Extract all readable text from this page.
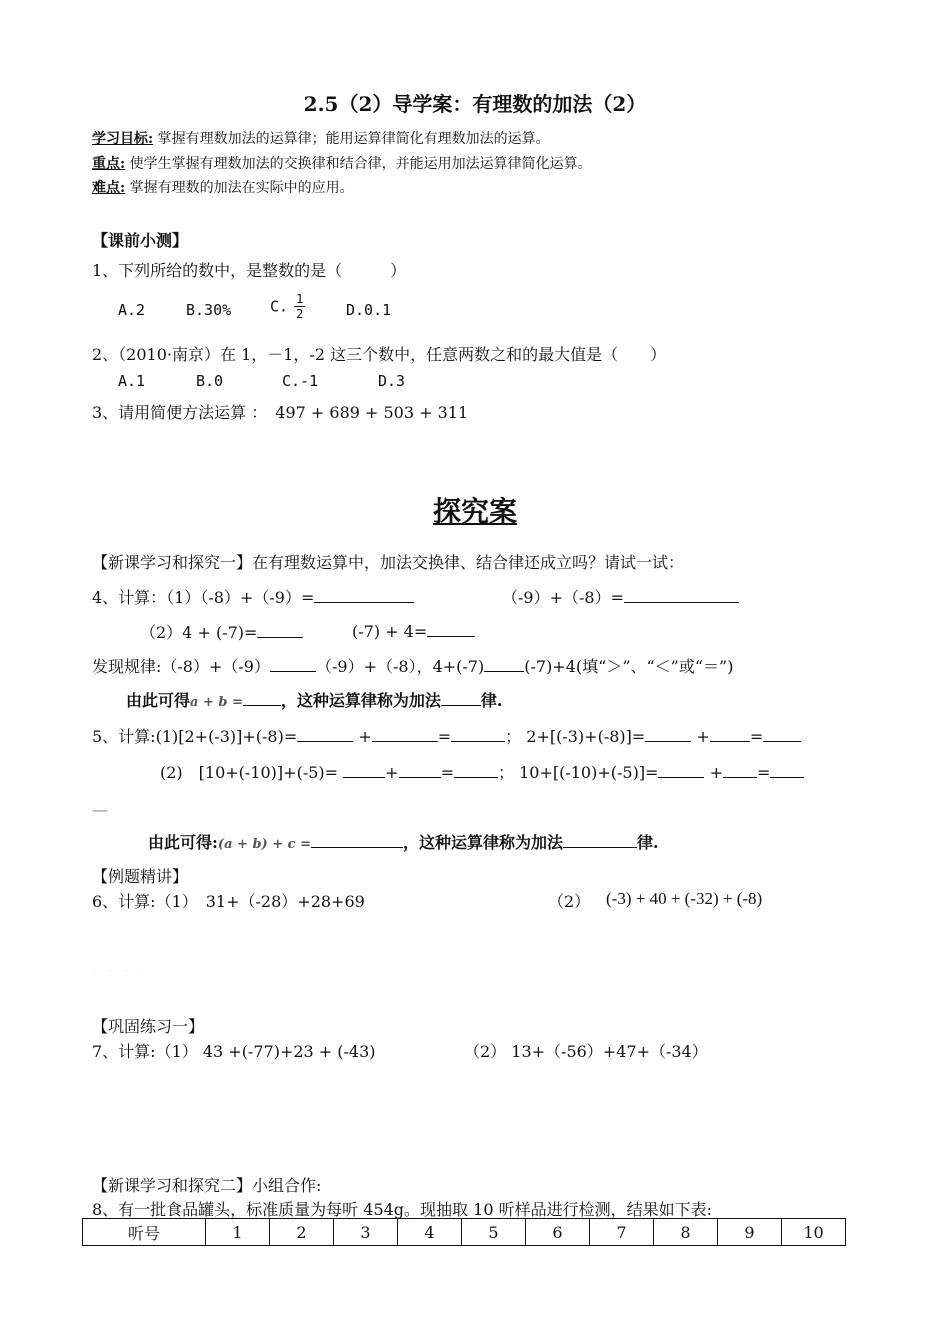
2.5（2）导学案：有理数的加法（2）
学习目标: 掌握有理数加法的运算律；能用运算律简化有理数加法的运算。
重点: 使学生掌握有理数加法的交换律和结合律，并能运用加法运算律简化运算。
难点: 掌握有理数的加法在实际中的应用。
【课前小测】
1、下列所给的数中，是整数的是（　　　）
A.2	B.30%	C. $\frac{1}{2}$	D.0.1
2、（2010·南京）在 1，－1，-2 这三个数中，任意两数之和的最大值是（　　）
A.1	B.0	C.-1	D.3
3、请用简便方法运算 ：　497 + 689 + 503 + 311
探究案
【新课学习和探究一】在有理数运算中，加法交换律、结合律还成立吗？请试一试：
4、计算：（1）（-8）+（-9）=	（-9）+（-8）=
（2）4 + (-7)=	(-7) + 4=
发现规律:（-8）+（-9）	（-9）+（-8），4+(-7)	(-7)+4(填“＞”、“＜”或“＝”)
由此可得a + b = ，这种运算律称为加法	律.
5、计算:(1)[2+(-3)]+(-8)=	+	=	； 2+[(-3)+(-8)]=	+	=
(2)　[10+(-10)]+(-5)=	+	=	； 10+[(-10)+(-5)]=	+ =
—
由此可得:(a + b) + c =	，这种运算律称为加法	律.
【例题精讲】
6、计算:（1）　31+（-28）+28+69	（2） (-3) + 40 + (-32) + (-8)
·　·　·　·
【巩固练习一】
7、计算:（1） 43 +(-77)+23 + (-43)	（2） 13+（-56）+47+（-34）
【新课学习和探究二】小组合作:
8、有一批食品罐头，标准质量为每听 454g。现抽取 10 听样品进行检测，结果如下表:
听号	1	2	3	4	5	6	7	8	9	10
